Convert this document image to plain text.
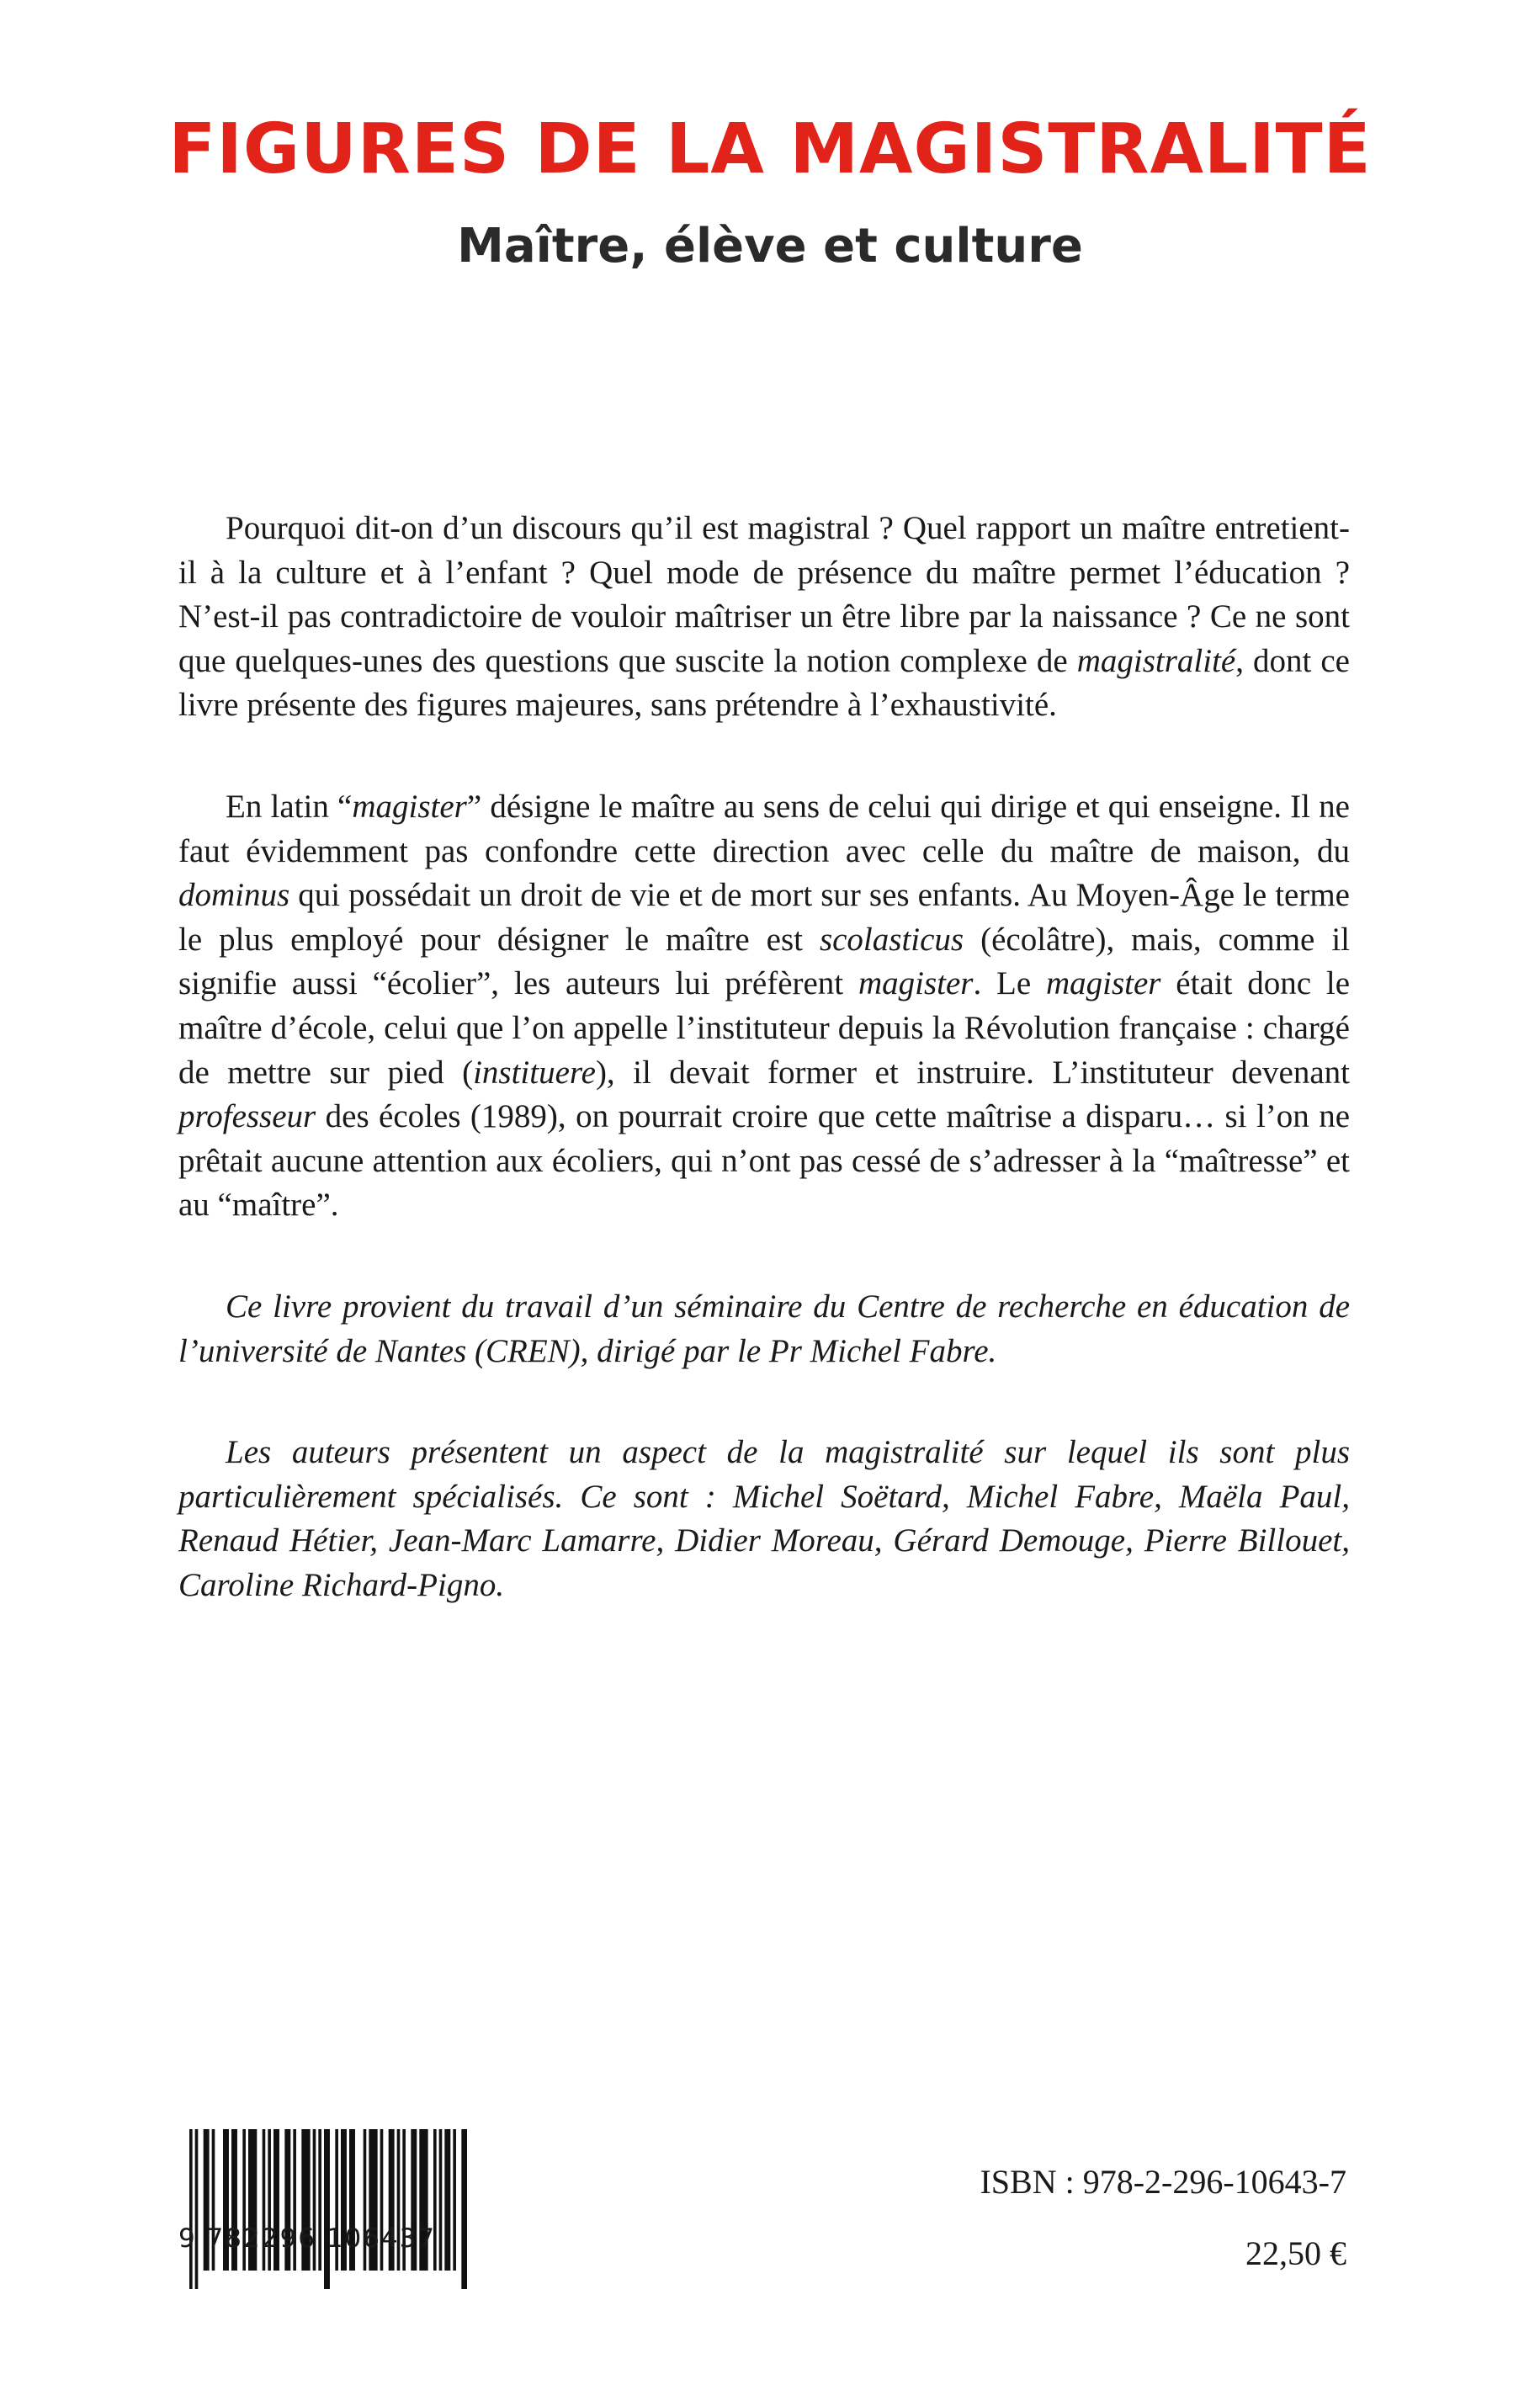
FIGURES DE LA MAGISTRALITÉ
Maître, élève et culture

Pourquoi dit-on d’un discours qu’il est magistral ? Quel rapport un maître entretient-il à la culture et à l’enfant ? Quel mode de présence du maître permet l’éducation ? N’est-il pas contradictoire de vouloir maîtriser un être libre par la naissance ? Ce ne sont que quelques-unes des questions que suscite la notion complexe de magistralité, dont ce livre présente des figures majeures, sans prétendre à l’exhaustivité.

En latin “magister” désigne le maître au sens de celui qui dirige et qui enseigne. Il ne faut évidemment pas confondre cette direction avec celle du maître de maison, du dominus qui possédait un droit de vie et de mort sur ses enfants. Au Moyen-Âge le terme le plus employé pour désigner le maître est scolasticus (écolâtre), mais, comme il signifie aussi “écolier”, les auteurs lui préfèrent magister. Le magister était donc le maître d’école, celui que l’on appelle l’instituteur depuis la Révolution française : chargé de mettre sur pied (instituere), il devait former et instruire. L’instituteur devenant professeur des écoles (1989), on pourrait croire que cette maîtrise a disparu… si l’on ne prêtait aucune attention aux écoliers, qui n’ont pas cessé de s’adresser à la “maîtresse” et au “maître”.

Ce livre provient du travail d’un séminaire du Centre de recherche en éducation de l’université de Nantes (CREN), dirigé par le Pr Michel Fabre.

Les auteurs présentent un aspect de la magistralité sur lequel ils sont plus particulièrement spécialisés. Ce sont : Michel Soëtard, Michel Fabre, Maëla Paul, Renaud Hétier, Jean-Marc Lamarre, Didier Moreau, Gérard Demouge, Pierre Billouet, Caroline Richard-Pigno.

9 782296 106437
ISBN : 978-2-296-10643-7
22,50 €
